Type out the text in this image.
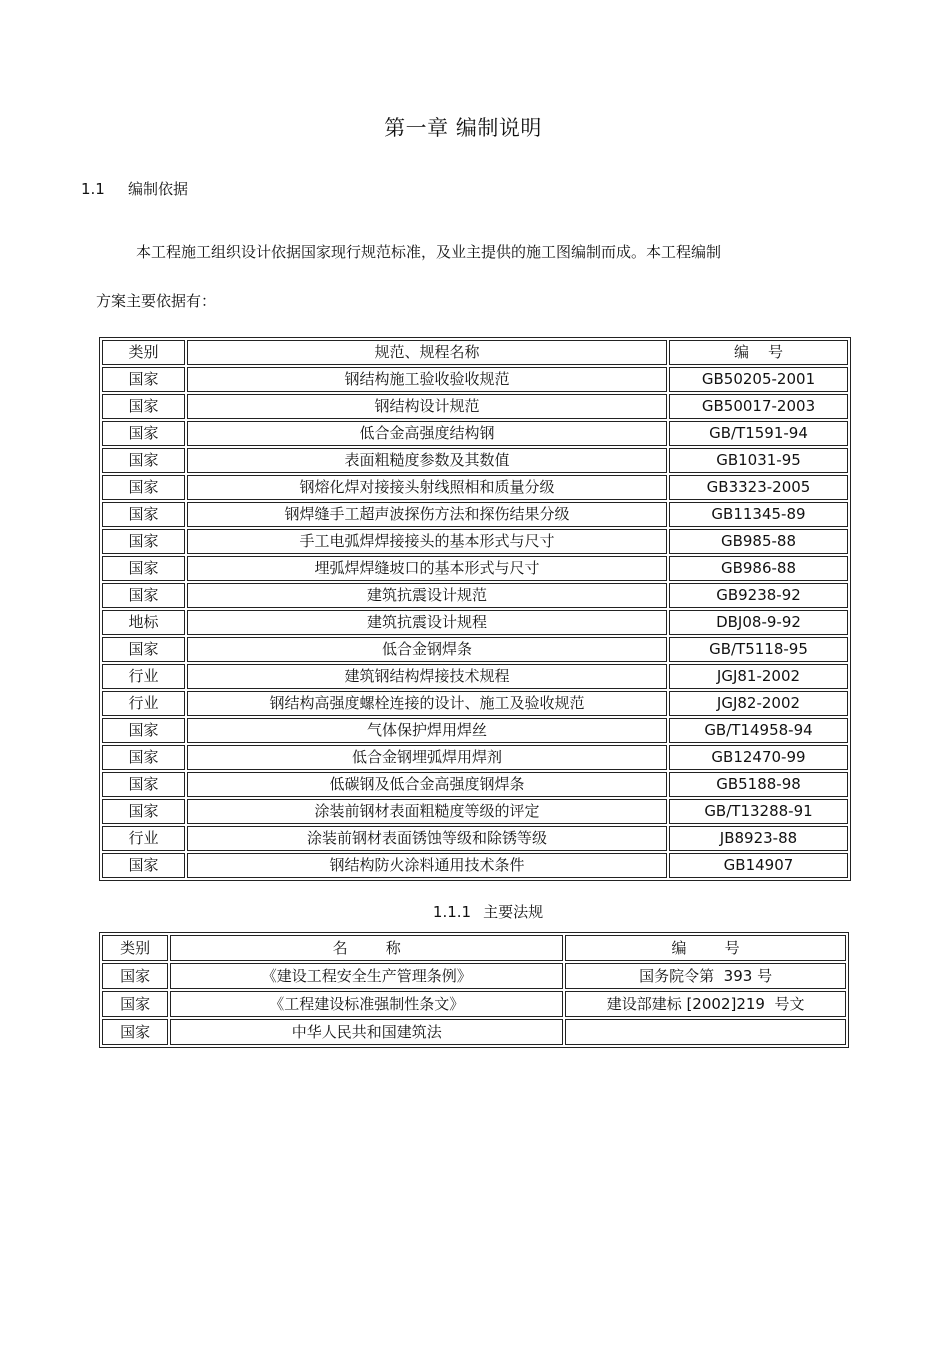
第一章 编制说明
1.1 编制依据
本工程施工组织设计依据国家现行规范标准，及业主提供的施工图编制而成。本工程编制
方案主要依据有：
类别	规范、规程名称	编    号
国家	钢结构施工验收验收规范	GB50205-2001
国家	钢结构设计规范	GB50017-2003
国家	低合金高强度结构钢	GB/T1591-94
国家	表面粗糙度参数及其数值	GB1031-95
国家	钢熔化焊对接接头射线照相和质量分级	GB3323-2005
国家	钢焊缝手工超声波探伤方法和探伤结果分级	GB11345-89
国家	手工电弧焊焊接接头的基本形式与尺寸	GB985-88
国家	埋弧焊焊缝坡口的基本形式与尺寸	GB986-88
国家	建筑抗震设计规范	GB9238-92
地标	建筑抗震设计规程	DBJ08-9-92
国家	低合金钢焊条	GB/T5118-95
行业	建筑钢结构焊接技术规程	JGJ81-2002
行业	钢结构高强度螺栓连接的设计、施工及验收规范	JGJ82-2002
国家	气体保护焊用焊丝	GB/T14958-94
国家	低合金钢埋弧焊用焊剂	GB12470-99
国家	低碳钢及低合金高强度钢焊条	GB5188-98
国家	涂装前钢材表面粗糙度等级的评定	GB/T13288-91
行业	涂装前钢材表面锈蚀等级和除锈等级	JB8923-88
国家	钢结构防火涂料通用技术条件	GB14907
1.1.1 主要法规
类别	名        称	编        号
国家	《建设工程安全生产管理条例》	国务院令第  393 号
国家	《工程建设标准强制性条文》	建设部建标 [2002]219  号文
国家	中华人民共和国建筑法	
